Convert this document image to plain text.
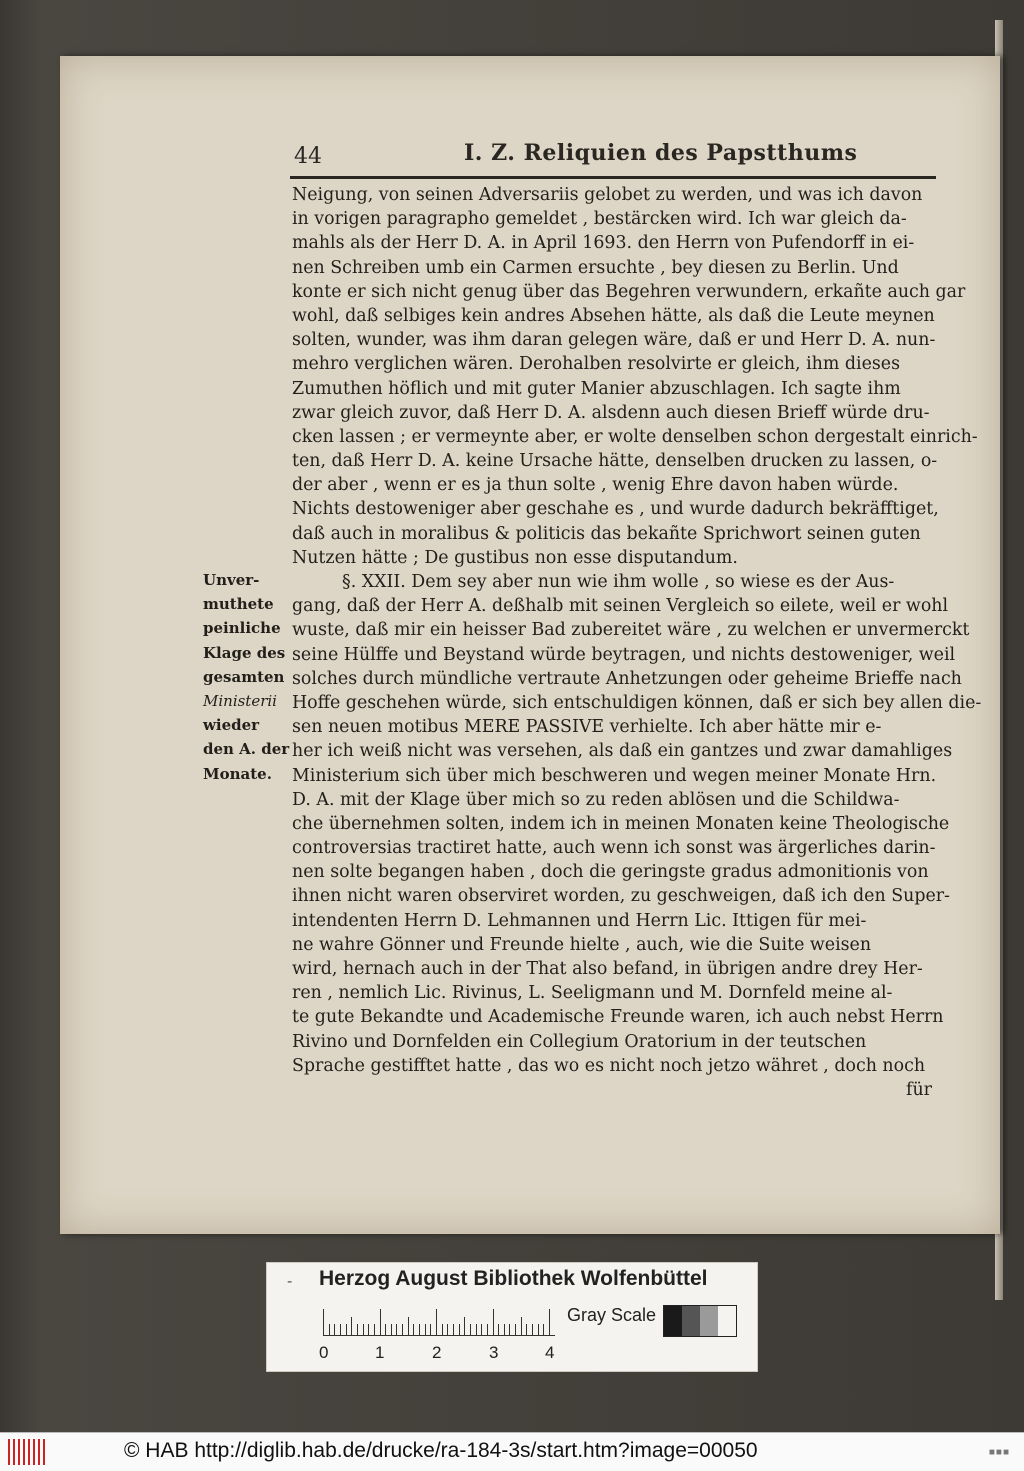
44	I. Z. Reliquien des Papstthums
Unver-
muthete
peinliche
Klage des
gesamten
Ministerii
wieder
den A. der
Monate.
Neigung, von seinen Adversariis gelobet zu werden, und was ich davon
in vorigen paragrapho gemeldet , bestärcken wird. Ich war gleich da-
mahls als der Herr D. A. in April 1693. den Herrn von Pufendorff in ei-
nen Schreiben umb ein Carmen ersuchte , bey diesen zu Berlin. Und
konte er sich nicht genug über das Begehren verwundern, erkañte auch gar
wohl, daß selbiges kein andres Absehen hätte, als daß die Leute meynen
solten, wunder, was ihm daran gelegen wäre, daß er und Herr D. A. nun-
mehro verglichen wären. Derohalben resolvirte er gleich, ihm dieses
Zumuthen höflich und mit guter Manier abzuschlagen. Ich sagte ihm
zwar gleich zuvor, daß Herr D. A. alsdenn auch diesen Brieff würde dru-
cken lassen ; er vermeynte aber, er wolte denselben schon dergestalt einrich-
ten, daß Herr D. A. keine Ursache hätte, denselben drucken zu lassen, o-
der aber , wenn er es ja thun solte , wenig Ehre davon haben würde.
Nichts destoweniger aber geschahe es , und wurde dadurch bekräfftiget,
daß auch in moralibus & politicis das bekañte Sprichwort seinen guten
Nutzen hätte ; De gustibus non esse disputandum.
§. XXII. Dem sey aber nun wie ihm wolle , so wiese es der Aus-
gang, daß der Herr A. deßhalb mit seinen Vergleich so eilete, weil er wohl
wuste, daß mir ein heisser Bad zubereitet wäre , zu welchen er unvermerckt
seine Hülffe und Beystand würde beytragen, und nichts destoweniger, weil
solches durch mündliche vertraute Anhetzungen oder geheime Brieffe nach
Hoffe geschehen würde, sich entschuldigen können, daß er sich bey allen die-
sen neuen motibus MERE PASSIVE verhielte. Ich aber hätte mir e-
her ich weiß nicht was versehen, als daß ein gantzes und zwar damahliges
Ministerium sich über mich beschweren und wegen meiner Monate Hrn.
D. A. mit der Klage über mich so zu reden ablösen und die Schildwa-
che übernehmen solten, indem ich in meinen Monaten keine Theologische
controversias tractiret hatte, auch wenn ich sonst was ärgerliches darin-
nen solte begangen haben , doch die geringste gradus admonitionis von
ihnen nicht waren observiret worden, zu geschweigen, daß ich den Super-
intendenten Herrn D. Lehmannen und Herrn Lic. Ittigen für mei-
ne wahre Gönner und Freunde hielte , auch, wie die Suite weisen
wird, hernach auch in der That also befand, in übrigen andre drey Her-
ren , nemlich Lic. Rivinus, L. Seeligmann und M. Dornfeld meine al-
te gute Bekandte und Academische Freunde waren, ich auch nebst Herrn
Rivino und Dornfelden ein Collegium Oratorium in der teutschen
Sprache gestifftet hatte , das wo es nicht noch jetzo währet , doch noch
für
- Herzog August Bibliothek Wolfenbüttel
0	1	2	3	4
Gray Scale
© HAB http://diglib.hab.de/drucke/ra-184-3s/start.htm?image=00050	■■■
